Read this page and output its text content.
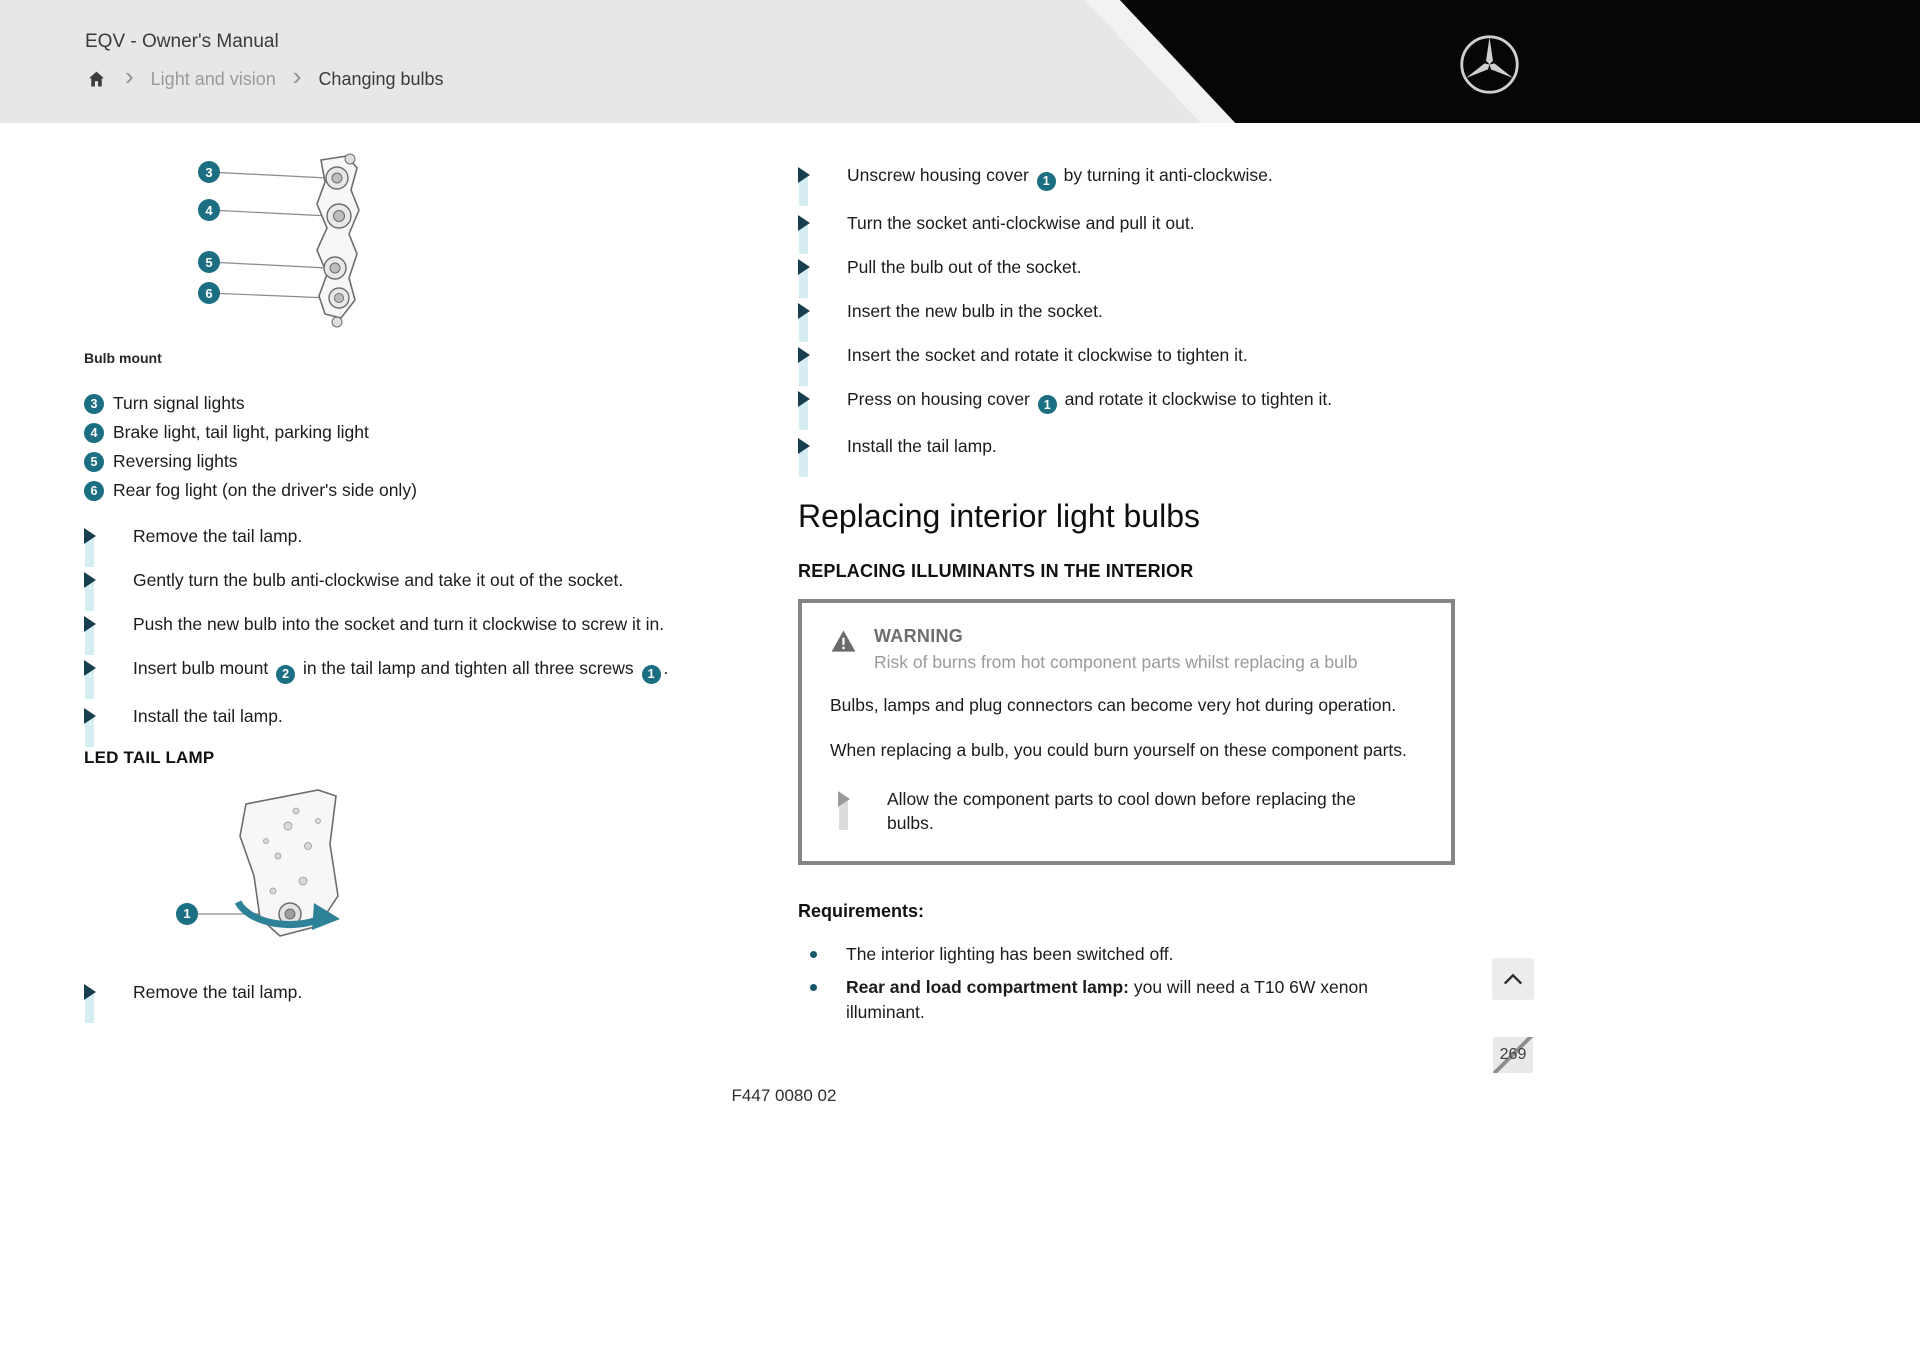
EQV - Owner's Manual
› Light and vision › Changing bulbs
3
4
5
6
Bulb mount
3 Turn signal lights
4 Brake light, tail light, parking light
5 Reversing lights
6 Rear fog light (on the driver's side only)
Remove the tail lamp.
Gently turn the bulb anti-clockwise and take it out of the socket.
Push the new bulb into the socket and turn it clockwise to screw it in.
Insert bulb mount 2 in the tail lamp and tighten all three screws 1 .
Install the tail lamp.
LED TAIL LAMP
1
Remove the tail lamp.
Unscrew housing cover 1 by turning it anti-clockwise.
Turn the socket anti-clockwise and pull it out.
Pull the bulb out of the socket.
Insert the new bulb in the socket.
Insert the socket and rotate it clockwise to tighten it.
Press on housing cover 1 and rotate it clockwise to tighten it.
Install the tail lamp.
Replacing interior light bulbs
REPLACING ILLUMINANTS IN THE INTERIOR
WARNING
Risk of burns from hot component parts whilst replacing a bulb

Bulbs, lamps and plug connectors can become very hot during operation.

When replacing a bulb, you could burn yourself on these component parts.

Allow the component parts to cool down before replacing the bulbs.
Requirements:
The interior lighting has been switched off.
Rear and load compartment lamp: you will need a T10 6W xenon illuminant.
F447 0080 02
269
